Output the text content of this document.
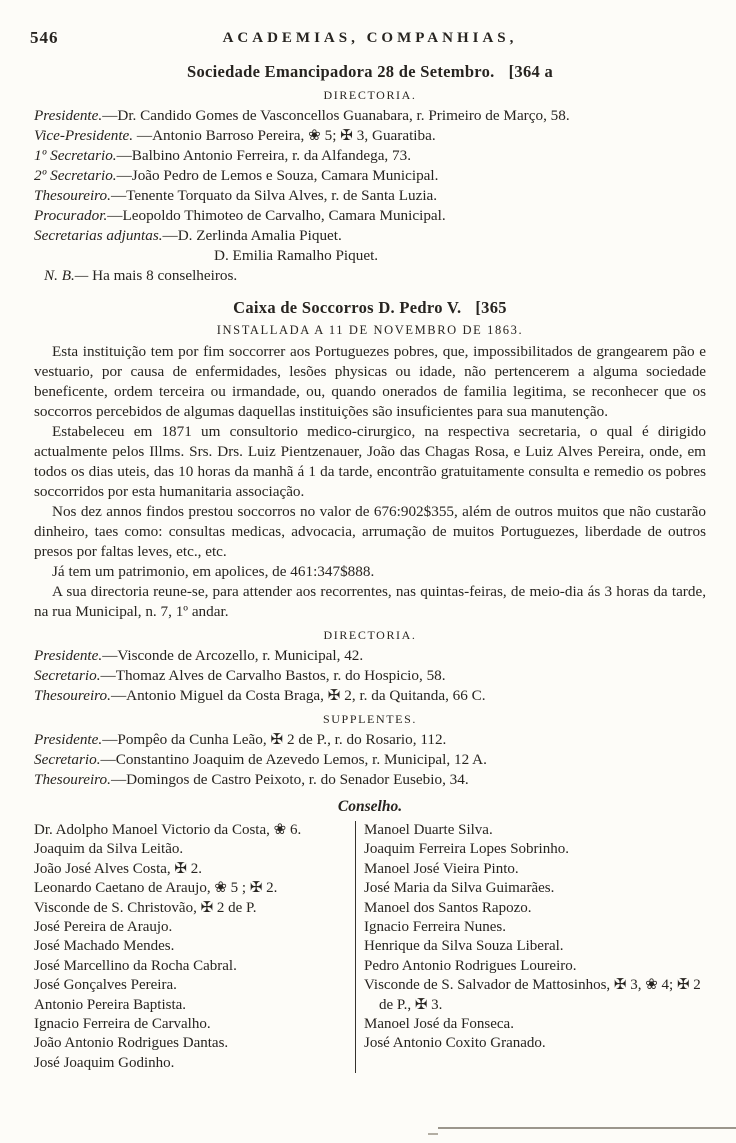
546	ACADEMIAS, COMPANHIAS,
Sociedade Emancipadora 28 de Setembro. [364 a
DIRECTORIA.
Presidente.—Dr. Candido Gomes de Vasconcellos Guanabara, r. Primeiro de Março, 58.
Vice-Presidente. —Antonio Barroso Pereira, ❀ 5; ✠ 3, Guaratiba.
1º Secretario.—Balbino Antonio Ferreira, r. da Alfandega, 73.
2º Secretario.—João Pedro de Lemos e Souza, Camara Municipal.
Thesoureiro.—Tenente Torquato da Silva Alves, r. de Santa Luzia.
Procurador.—Leopoldo Thimoteo de Carvalho, Camara Municipal.
Secretarias adjuntas.—D. Zerlinda Amalia Piquet.
D. Emilia Ramalho Piquet.
N. B.— Ha mais 8 conselheiros.
Caixa de Soccorros D. Pedro V. [365
INSTALLADA A 11 DE NOVEMBRO DE 1863.

Esta instituição tem por fim soccorrer aos Portuguezes pobres, que, impossibilitados de grangearem pão e vestuario, por causa de enfermidades, lesões physicas ou idade, não pertencerem a alguma sociedade beneficente, ordem terceira ou irmandade, ou, quando onerados de familia legitima, se reconhecer que os soccorros percebidos de algumas daquellas instituições são insuficientes para sua manutenção.

Estabeleceu em 1871 um consultorio medico-cirurgico, na respectiva secretaria, o qual é dirigido actualmente pelos Illms. Srs. Drs. Luiz Pientzenauer, João das Chagas Rosa, e Luiz Alves Pereira, onde, em todos os dias uteis, das 10 horas da manhã á 1 da tarde, encontrão gratuitamente consulta e remedio os pobres soccorridos por esta humanitaria associação.

Nos dez annos findos prestou soccorros no valor de 676:902$355, além de outros muitos que não custarão dinheiro, taes como: consultas medicas, advocacia, arrumação de muitos Portuguezes, liberdade de outros presos por faltas leves, etc., etc.

Já tem um patrimonio, em apolices, de 461:347$888.

A sua directoria reune-se, para attender aos recorrentes, nas quintas-feiras, de meio-dia ás 3 horas da tarde, na rua Municipal, n. 7, 1º andar.

DIRECTORIA.
Presidente.—Visconde de Arcozello, r. Municipal, 42.
Secretario.—Thomaz Alves de Carvalho Bastos, r. do Hospicio, 58.
Thesoureiro.—Antonio Miguel da Costa Braga, ✠ 2, r. da Quitanda, 66 C.
SUPPLENTES.
Presidente.—Pompêo da Cunha Leão, ✠ 2 de P., r. do Rosario, 112.
Secretario.—Constantino Joaquim de Azevedo Lemos, r. Municipal, 12 A.
Thesoureiro.—Domingos de Castro Peixoto, r. do Senador Eusebio, 34.
Conselho.
Dr. Adolpho Manoel Victorio da Costa, ❀ 6.
Joaquim da Silva Leitão.
João José Alves Costa, ✠ 2.
Leonardo Caetano de Araujo, ❀ 5 ; ✠ 2.
Visconde de S. Christovão, ✠ 2 de P.
José Pereira de Araujo.
José Machado Mendes.
José Marcellino da Rocha Cabral.
José Gonçalves Pereira.
Antonio Pereira Baptista.
Ignacio Ferreira de Carvalho.
João Antonio Rodrigues Dantas.
José Joaquim Godinho.
Manoel Duarte Silva.
Joaquim Ferreira Lopes Sobrinho.
Manoel José Vieira Pinto.
José Maria da Silva Guimarães.
Manoel dos Santos Rapozo.
Ignacio Ferreira Nunes.
Henrique da Silva Souza Liberal.
Pedro Antonio Rodrigues Loureiro.
Visconde de S. Salvador de Mattosinhos, ✠ 3, ❀ 4; ✠ 2 de P., ✠ 3.
Manoel José da Fonseca.
José Antonio Coxito Granado.
